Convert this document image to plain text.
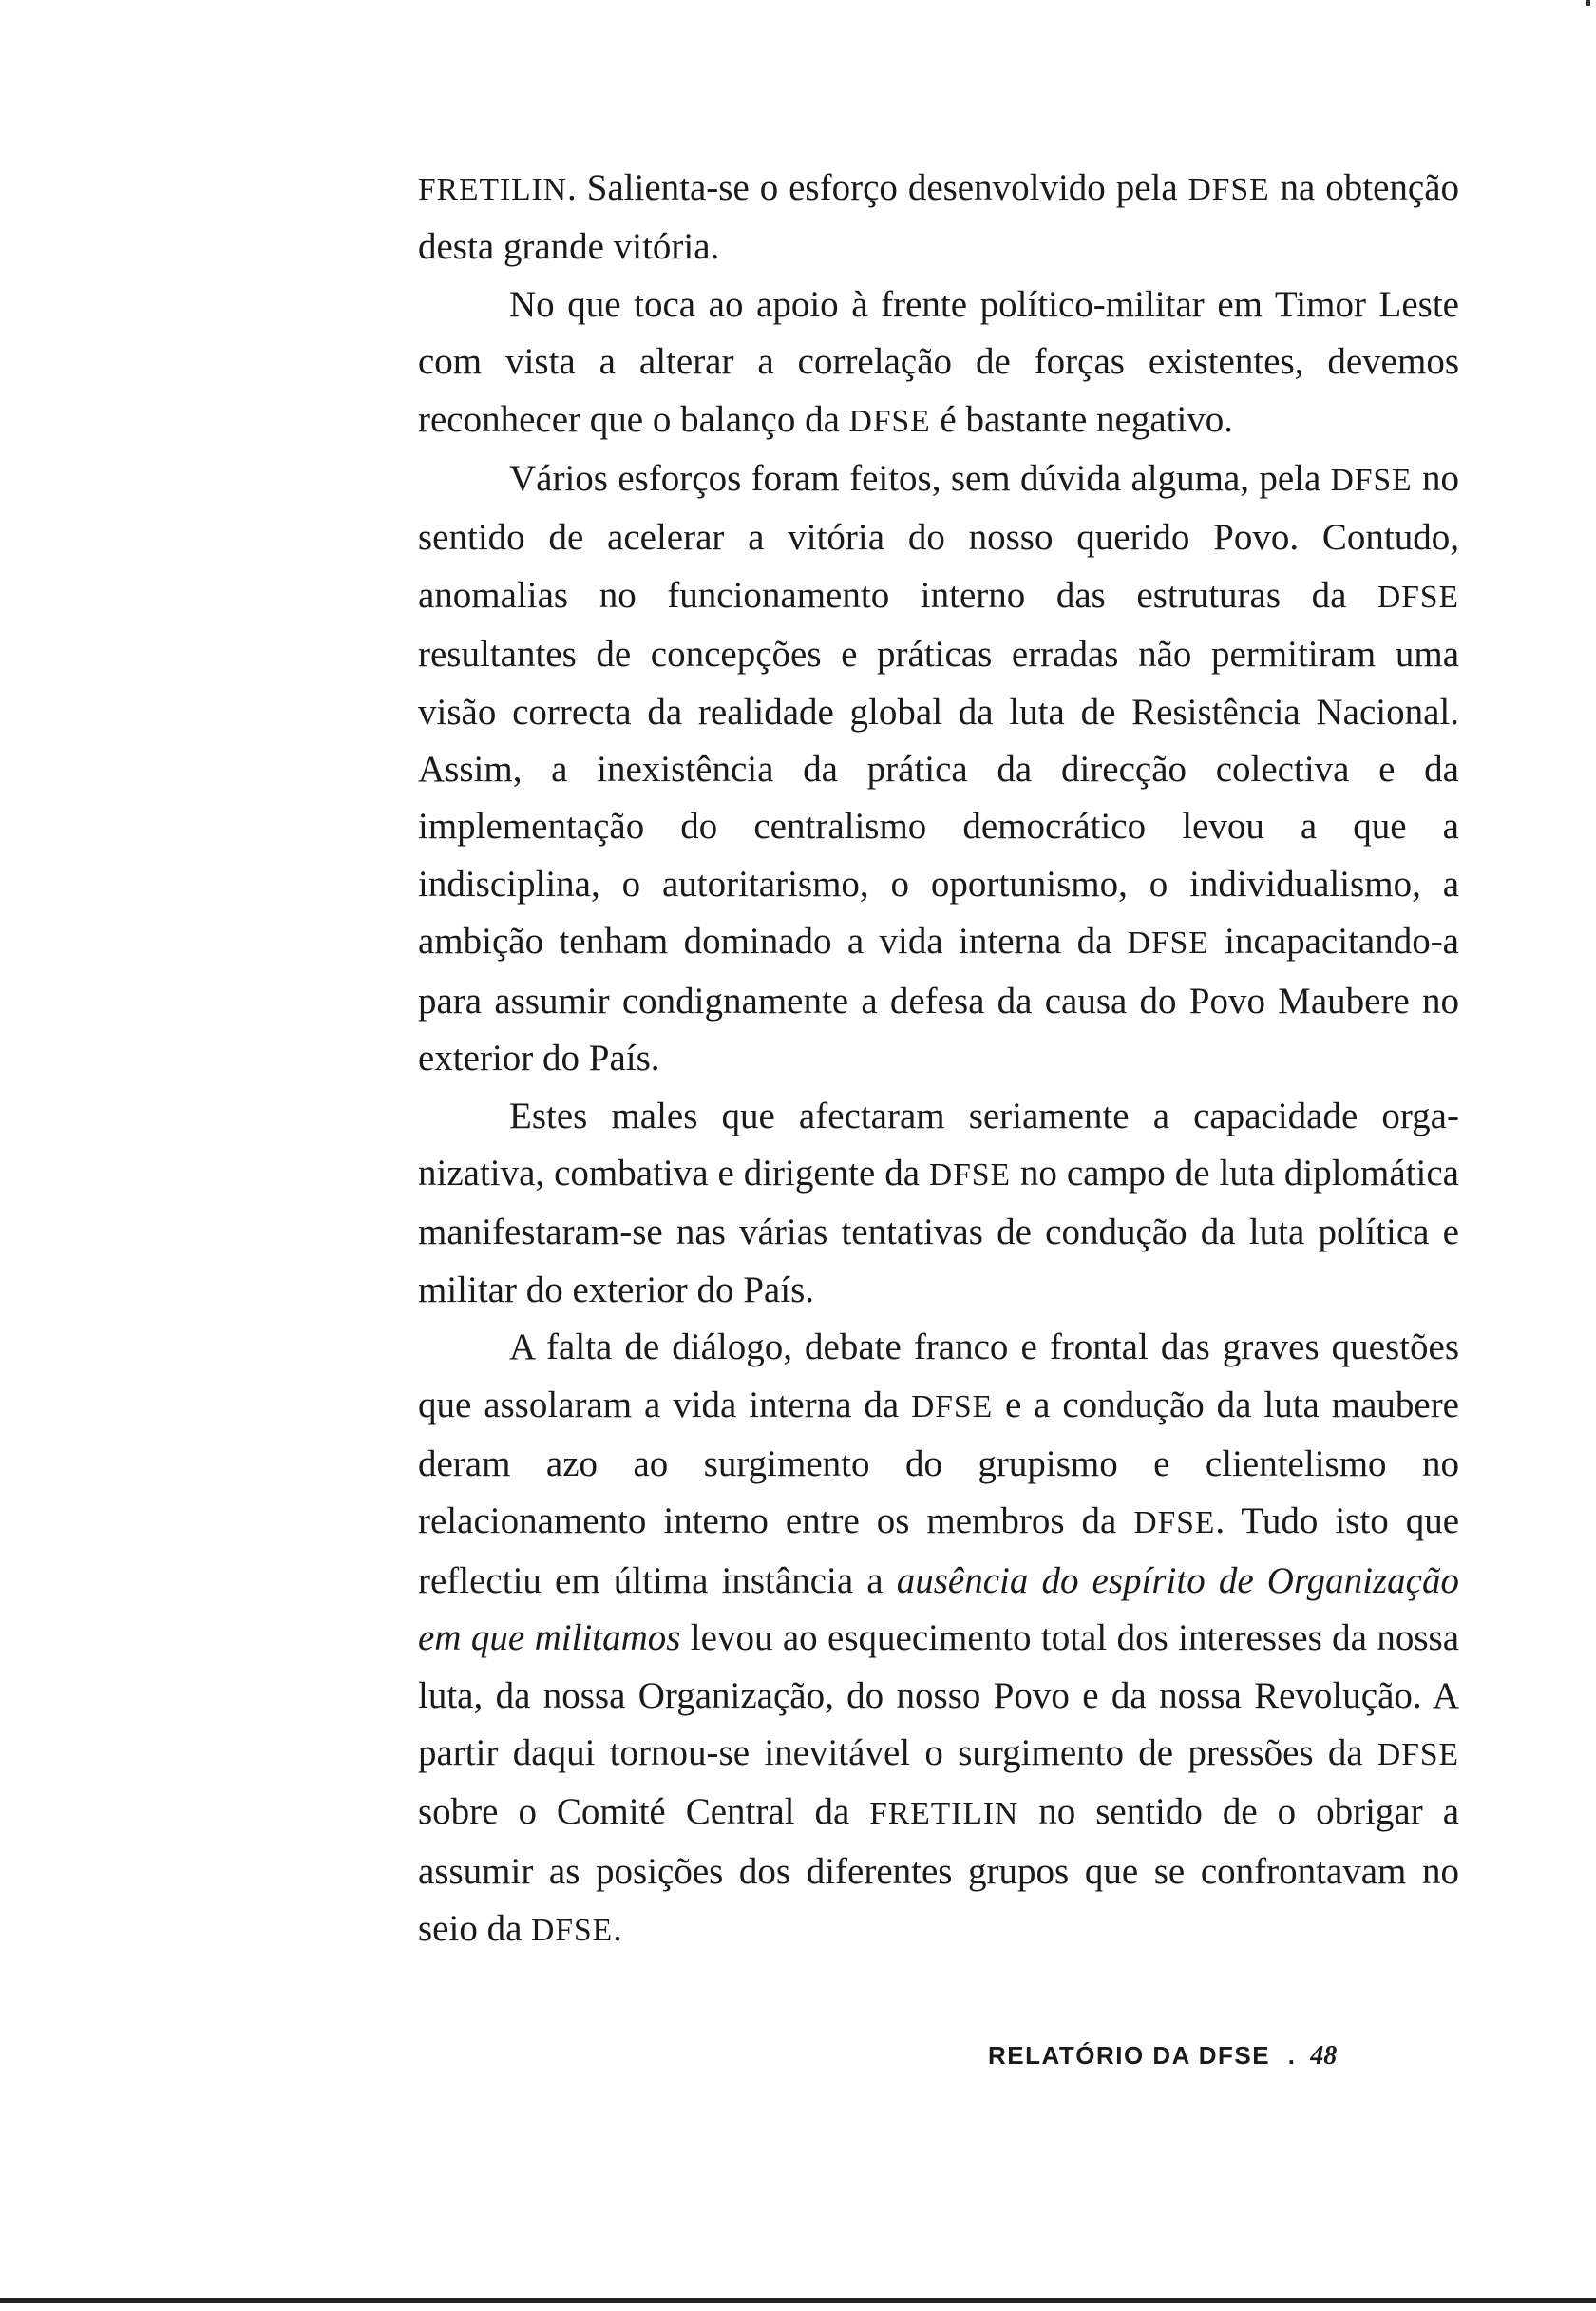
FRETILIN. Salienta-se o esforço desenvolvido pela DFSE na obtenção desta grande vitória.

No que toca ao apoio à frente político-militar em Timor Leste com vista a alterar a correlação de forças existentes, devemos reconhecer que o balanço da DFSE é bastante negativo.

Vários esforços foram feitos, sem dúvida alguma, pela DFSE no sentido de acelerar a vitória do nosso querido Povo. Contudo, anomalias no funcionamento interno das estruturas da DFSE resultantes de concepções e práticas erradas não permitiram uma visão correcta da realidade global da luta de Resistência Nacional. Assim, a inexistência da prática da direcção colectiva e da implementação do centralismo democrático levou a que a indisciplina, o autoritarismo, o oportunismo, o individualismo, a ambição tenham dominado a vida interna da DFSE incapacitando-a para assumir condignamente a defesa da causa do Povo Maubere no exterior do País.

Estes males que afectaram seriamente a capacidade organizativa, combativa e dirigente da DFSE no campo de luta diplomática manifestaram-se nas várias tentativas de condução da luta política e militar do exterior do País.

A falta de diálogo, debate franco e frontal das graves questões que assolaram a vida interna da DFSE e a condução da luta maubere deram azo ao surgimento do grupismo e clientelismo no relacionamento interno entre os membros da DFSE. Tudo isto que reflectiu em última instância a ausência do espírito de Organização em que militamos levou ao esquecimento total dos interesses da nossa luta, da nossa Organização, do nosso Povo e da nossa Revolução. A partir daqui tornou-se inevitável o surgimento de pressões da DFSE sobre o Comité Central da FRETILIN no sentido de o obrigar a assumir as posições dos diferentes grupos que se confrontavam no seio da DFSE.

RELATÓRIO DA DFSE . 48
